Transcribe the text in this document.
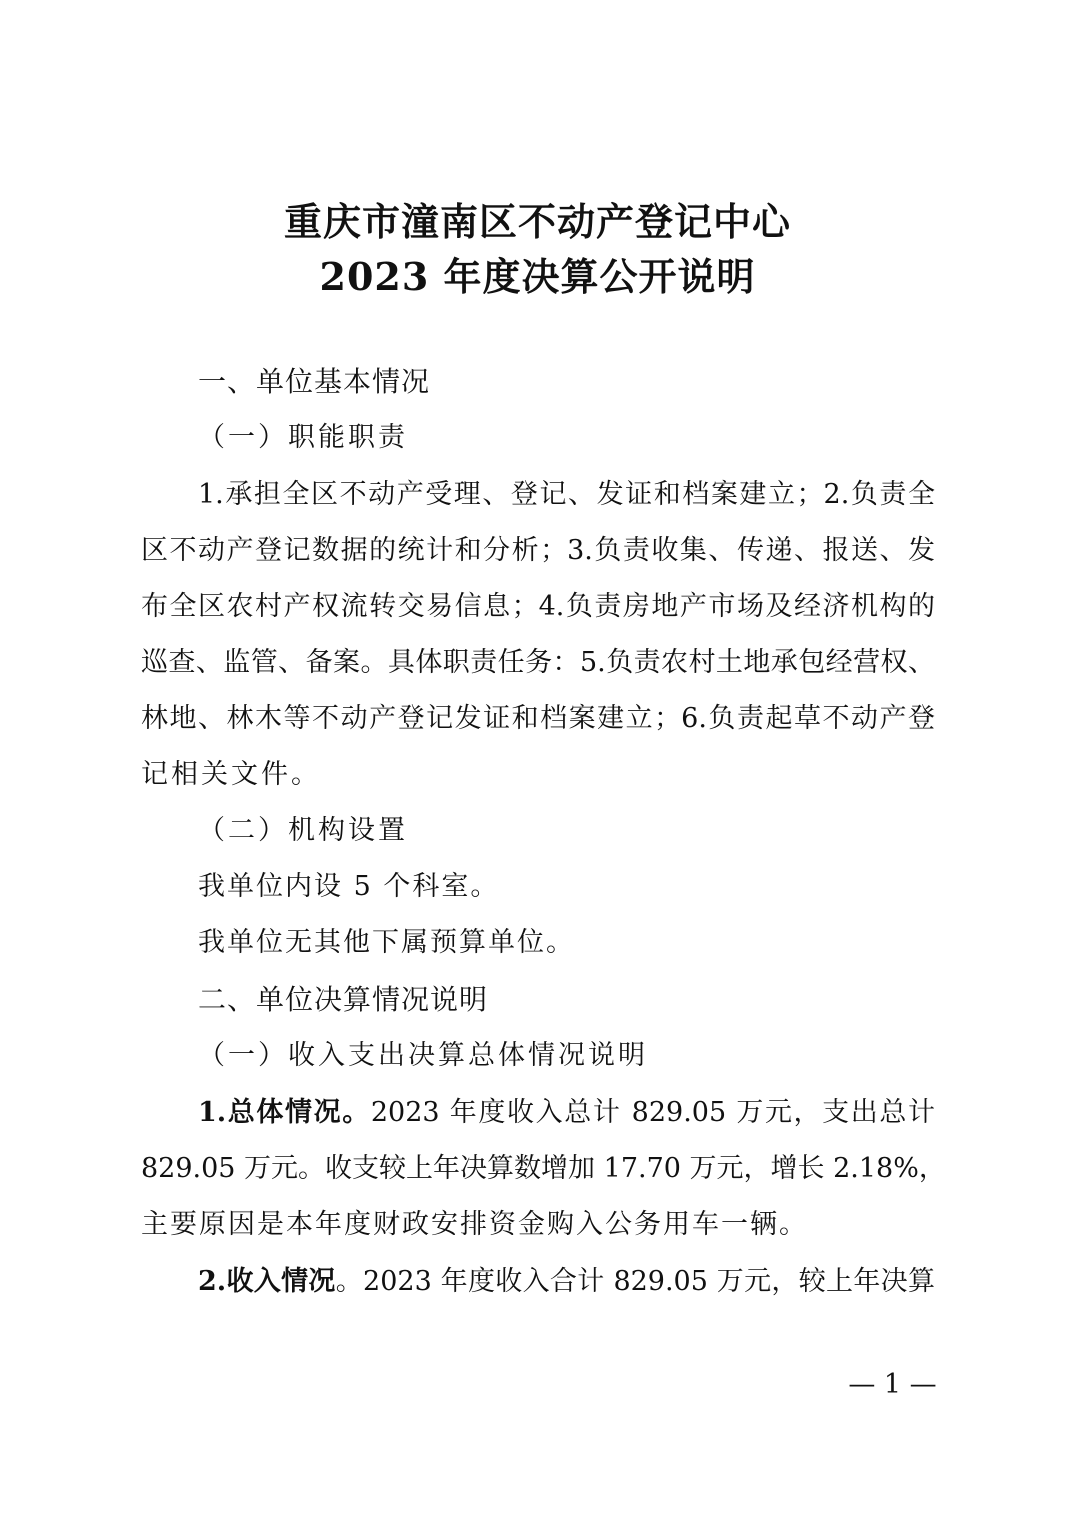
重庆市潼南区不动产登记中心
2023 年度决算公开说明
一、单位基本情况
（一）职能职责
1.承担全区不动产受理、登记、发证和档案建立；2.负责全
区不动产登记数据的统计和分析；3.负责收集、传递、报送、发
布全区农村产权流转交易信息；4.负责房地产市场及经济机构的
巡查、监管、备案。具体职责任务：5.负责农村土地承包经营权、
林地、林木等不动产登记发证和档案建立；6.负责起草不动产登
记相关文件。
（二）机构设置
我单位内设 5 个科室。
我单位无其他下属预算单位。
二、单位决算情况说明
（一）收入支出决算总体情况说明
1.总体情况。2023 年度收入总计 829.05 万元，支出总计
829.05 万元。收支较上年决算数增加 17.70 万元，增长 2.18%，
主要原因是本年度财政安排资金购入公务用车一辆。
2.收入情况。2023 年度收入合计 829.05 万元，较上年决算
— 1 —
